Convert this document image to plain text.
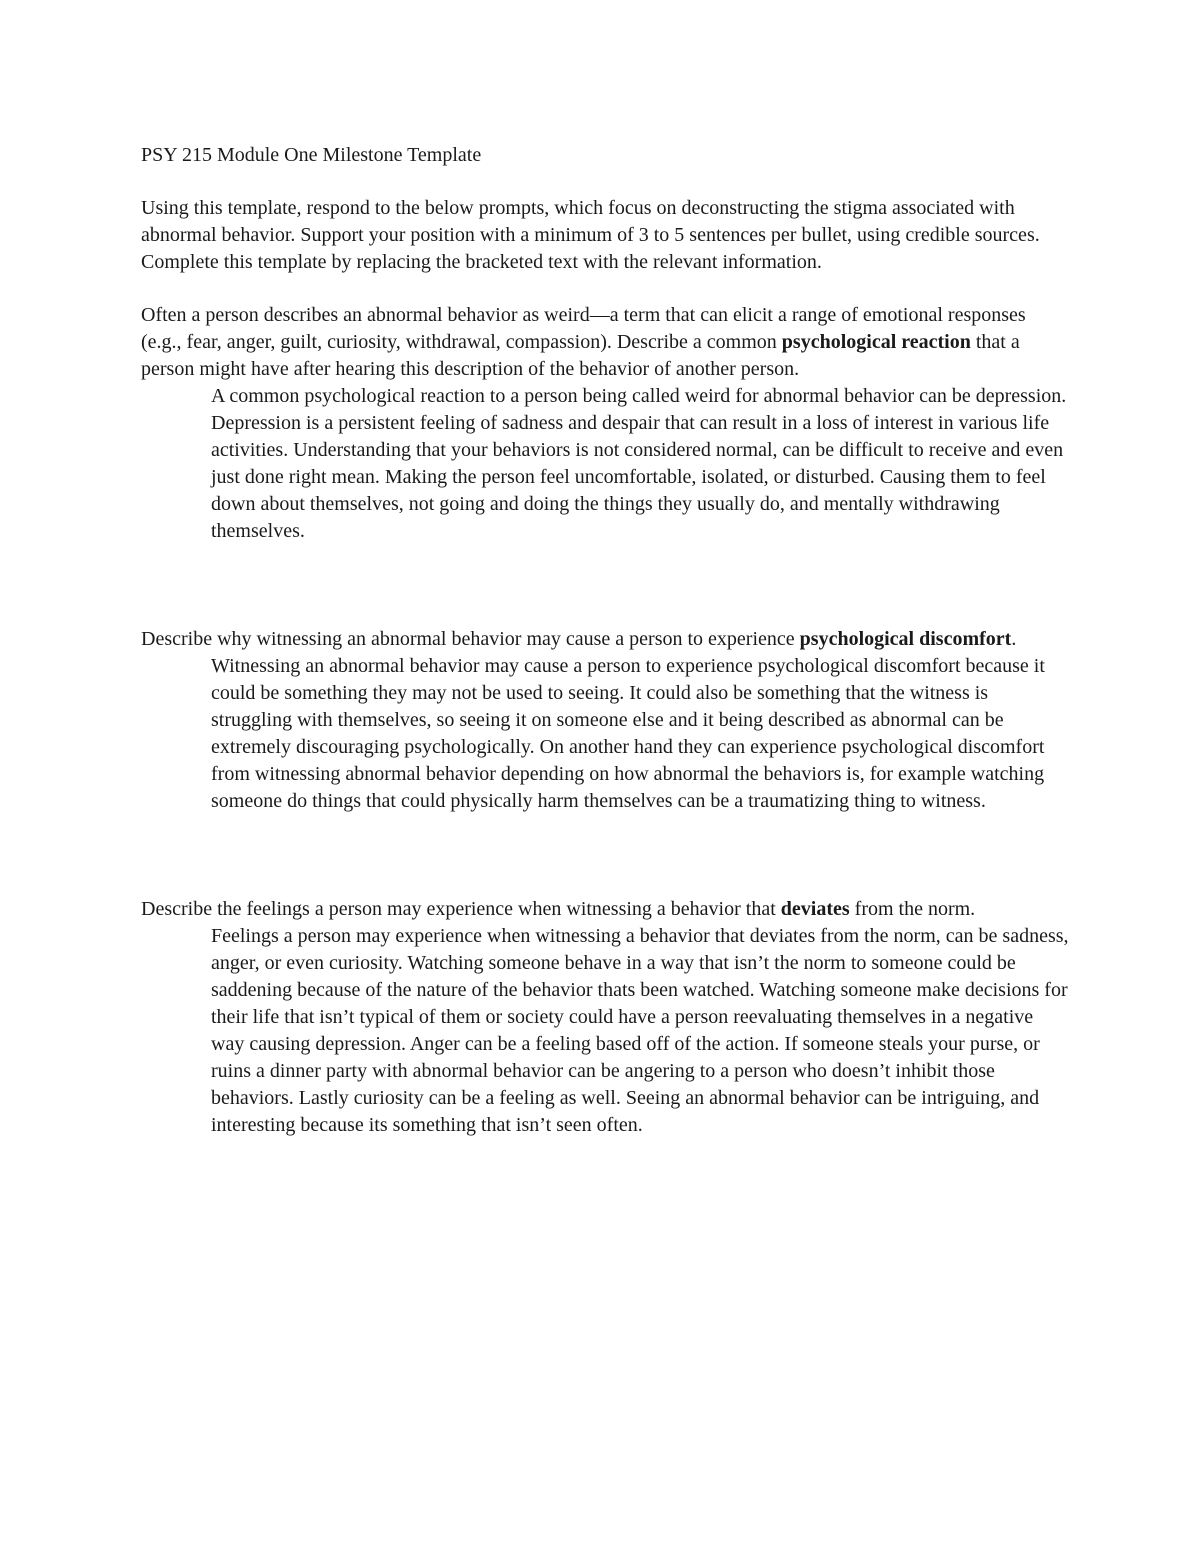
PSY 215 Module One Milestone Template

Using this template, respond to the below prompts, which focus on deconstructing the stigma associated with abnormal behavior. Support your position with a minimum of 3 to 5 sentences per bullet, using credible sources. Complete this template by replacing the bracketed text with the relevant information.

Often a person describes an abnormal behavior as weird—a term that can elicit a range of emotional responses (e.g., fear, anger, guilt, curiosity, withdrawal, compassion). Describe a common psychological reaction that a person might have after hearing this description of the behavior of another person.

A common psychological reaction to a person being called weird for abnormal behavior can be depression. Depression is a persistent feeling of sadness and despair that can result in a loss of interest in various life activities. Understanding that your behaviors is not considered normal, can be difficult to receive and even just done right mean. Making the person feel uncomfortable, isolated, or disturbed. Causing them to feel down about themselves, not going and doing the things they usually do, and mentally withdrawing themselves.

Describe why witnessing an abnormal behavior may cause a person to experience psychological discomfort.

Witnessing an abnormal behavior may cause a person to experience psychological discomfort because it could be something they may not be used to seeing. It could also be something that the witness is struggling with themselves, so seeing it on someone else and it being described as abnormal can be extremely discouraging psychologically. On another hand they can experience psychological discomfort from witnessing abnormal behavior depending on how abnormal the behaviors is, for example watching someone do things that could physically harm themselves can be a traumatizing thing to witness.

Describe the feelings a person may experience when witnessing a behavior that deviates from the norm.

Feelings a person may experience when witnessing a behavior that deviates from the norm, can be sadness, anger, or even curiosity. Watching someone behave in a way that isn’t the norm to someone could be saddening because of the nature of the behavior thats been watched. Watching someone make decisions for their life that isn’t typical of them or society could have a person reevaluating themselves in a negative way causing depression. Anger can be a feeling based off of the action. If someone steals your purse, or ruins a dinner party with abnormal behavior can be angering to a person who doesn’t inhibit those behaviors. Lastly curiosity can be a feeling as well. Seeing an abnormal behavior can be intriguing, and interesting because its something that isn’t seen often.
